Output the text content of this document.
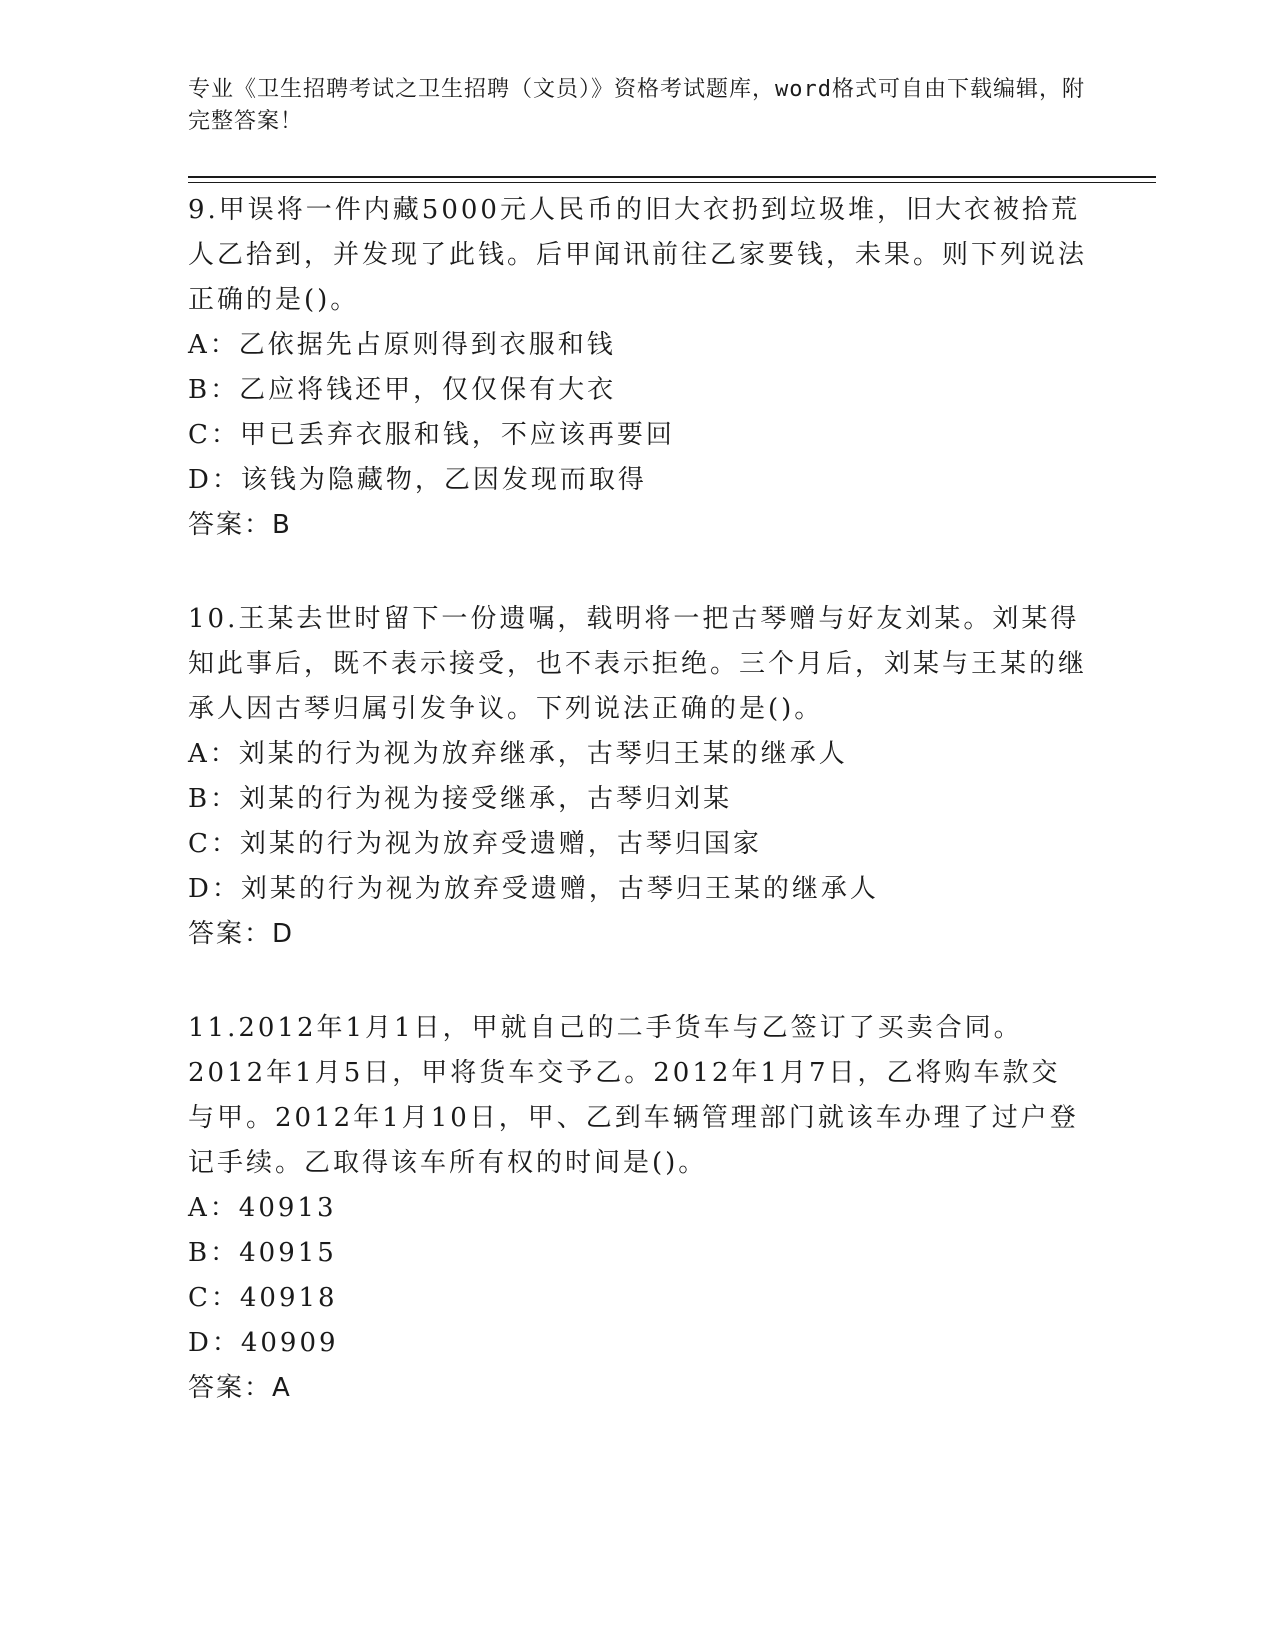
专业《卫生招聘考试之卫生招聘（文员）》资格考试题库，word格式可自由下载编辑，附完整答案！

9.甲误将一件内藏5000元人民币的旧大衣扔到垃圾堆，旧大衣被拾荒人乙拾到，并发现了此钱。后甲闻讯前往乙家要钱，未果。则下列说法正确的是()。

A：乙依据先占原则得到衣服和钱

B：乙应将钱还甲，仅仅保有大衣

C：甲已丢弃衣服和钱，不应该再要回

D：该钱为隐藏物，乙因发现而取得

答案：B

10.王某去世时留下一份遗嘱，载明将一把古琴赠与好友刘某。刘某得知此事后，既不表示接受，也不表示拒绝。三个月后，刘某与王某的继承人因古琴归属引发争议。下列说法正确的是()。

A：刘某的行为视为放弃继承，古琴归王某的继承人

B：刘某的行为视为接受继承，古琴归刘某

C：刘某的行为视为放弃受遗赠，古琴归国家

D：刘某的行为视为放弃受遗赠，古琴归王某的继承人

答案：D

11.2012年1月1日，甲就自己的二手货车与乙签订了买卖合同。2012年1月5日，甲将货车交予乙。2012年1月7日，乙将购车款交与甲。2012年1月10日，甲、乙到车辆管理部门就该车办理了过户登记手续。乙取得该车所有权的时间是()。

A：40913

B：40915

C：40918

D：40909

答案：A
